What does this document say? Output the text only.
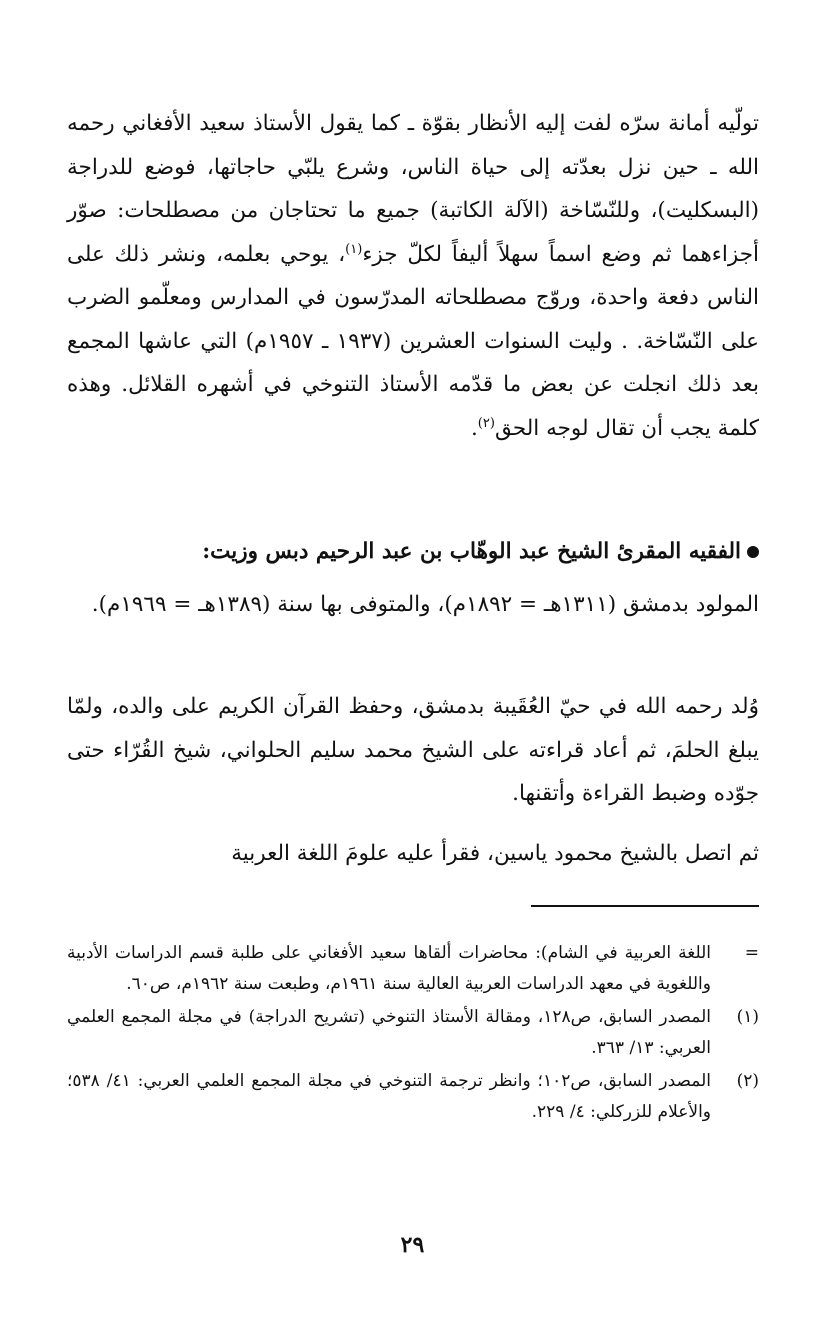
تولّيه أمانة سرّه لفت إليه الأنظار بقوّة ـ كما يقول الأستاذ سعيد الأفغاني رحمه الله ـ حين نزل بعدّته إلى حياة الناس، وشرع يلبّي حاجاتها، فوضع للدراجة (البسكليت)، وللنّسّاخة (الآلة الكاتبة) جميع ما تحتاجان من مصطلحات: صوّر أجزاءهما ثم وضع اسماً سهلاً أليفاً لكلّ جزء$^{(١)}$، يوحي بعلمه، ونشر ذلك على الناس دفعة واحدة، وروّج مصطلحاته المدرّسون في المدارس ومعلّمو الضرب على النّسّاخة. . وليت السنوات العشرين (١٩٣٧ ـ ١٩٥٧م) التي عاشها المجمع بعد ذلك انجلت عن بعض ما قدّمه الأستاذ التنوخي في أشهره القلائل. وهذه كلمة يجب أن تقال لوجه الحق$^{(٢)}$.

الفقيه المقرئ الشيخ عبد الوهّاب بن عبد الرحيم دبس وزيت:

المولود بدمشق (١٣١١هـ = ١٨٩٢م)، والمتوفى بها سنة (١٣٨٩هـ = ١٩٦٩م).

وُلد رحمه الله في حيّ العُقَيبة بدمشق، وحفظ القرآن الكريم على والده، ولمّا يبلغ الحلمَ، ثم أعاد قراءته على الشيخ محمد سليم الحلواني، شيخ القُرّاء حتى جوّده وضبط القراءة وأتقنها.

ثم اتصل بالشيخ محمود ياسين، فقرأ عليه علومَ اللغة العربية

=
اللغة العربية في الشام): محاضرات ألقاها سعيد الأفغاني على طلبة قسم الدراسات الأدبية واللغوية في معهد الدراسات العربية العالية سنة ١٩٦١م، وطبعت سنة ١٩٦٢م، ص٦٠.
(١)
المصدر السابق، ص١٢٨، ومقالة الأستاذ التنوخي (تشريح الدراجة) في مجلة المجمع العلمي العربي: ١٣/ ٣٦٣.
(٢)
المصدر السابق، ص١٠٢؛ وانظر ترجمة التنوخي في مجلة المجمع العلمي العربي: ٤١/ ٥٣٨؛ والأعلام للزركلي: ٤/ ٢٢٩.
٢٩
